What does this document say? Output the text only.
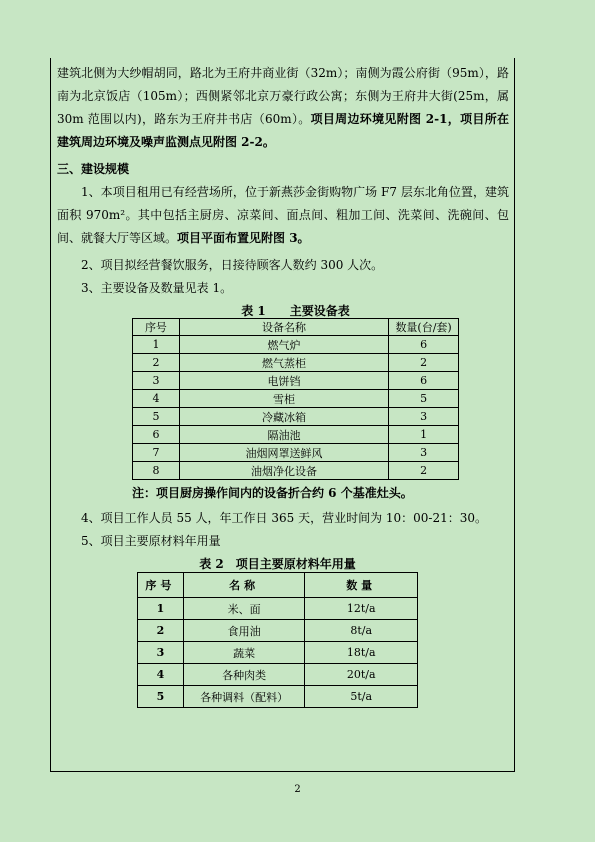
建筑北侧为大纱帽胡同，路北为王府井商业街（32m）；南侧为霞公府街（95m），路南为北京饭店（105m）；西侧紧邻北京万豪行政公寓；东侧为王府井大街(25m，属 30m 范围以内)，路东为王府井书店（60m）。项目周边环境见附图 2-1，项目所在建筑周边环境及噪声监测点见附图 2-2。
三、建设规模
1、本项目租用已有经营场所，位于新燕莎金街购物广场 F7 层东北角位置，建筑面积 970m²。其中包括主厨房、凉菜间、面点间、粗加工间、洗菜间、洗碗间、包间、就餐大厅等区域。项目平面布置见附图 3。
2、项目拟经营餐饮服务，日接待顾客人数约 300 人次。
3、主要设备及数量见表 1。
表 1　　主要设备表
序号	设备名称	数量(台/套)
1	燃气炉	6
2	燃气蒸柜	2
3	电饼铛	6
4	雪柜	5
5	冷藏冰箱	3
6	隔油池	1
7	油烟网罩送鲜风	3
8	油烟净化设备	2
注：项目厨房操作间内的设备折合约 6 个基准灶头。
4、项目工作人员 55 人，年工作日 365 天，营业时间为 10：00-21：30。
5、项目主要原材料年用量
表 2　项目主要原材料年用量
序号	名称	数量
1	米、面	12t/a
2	食用油	8t/a
3	蔬菜	18t/a
4	各种肉类	20t/a
5	各种调料（配料）	5t/a
2
